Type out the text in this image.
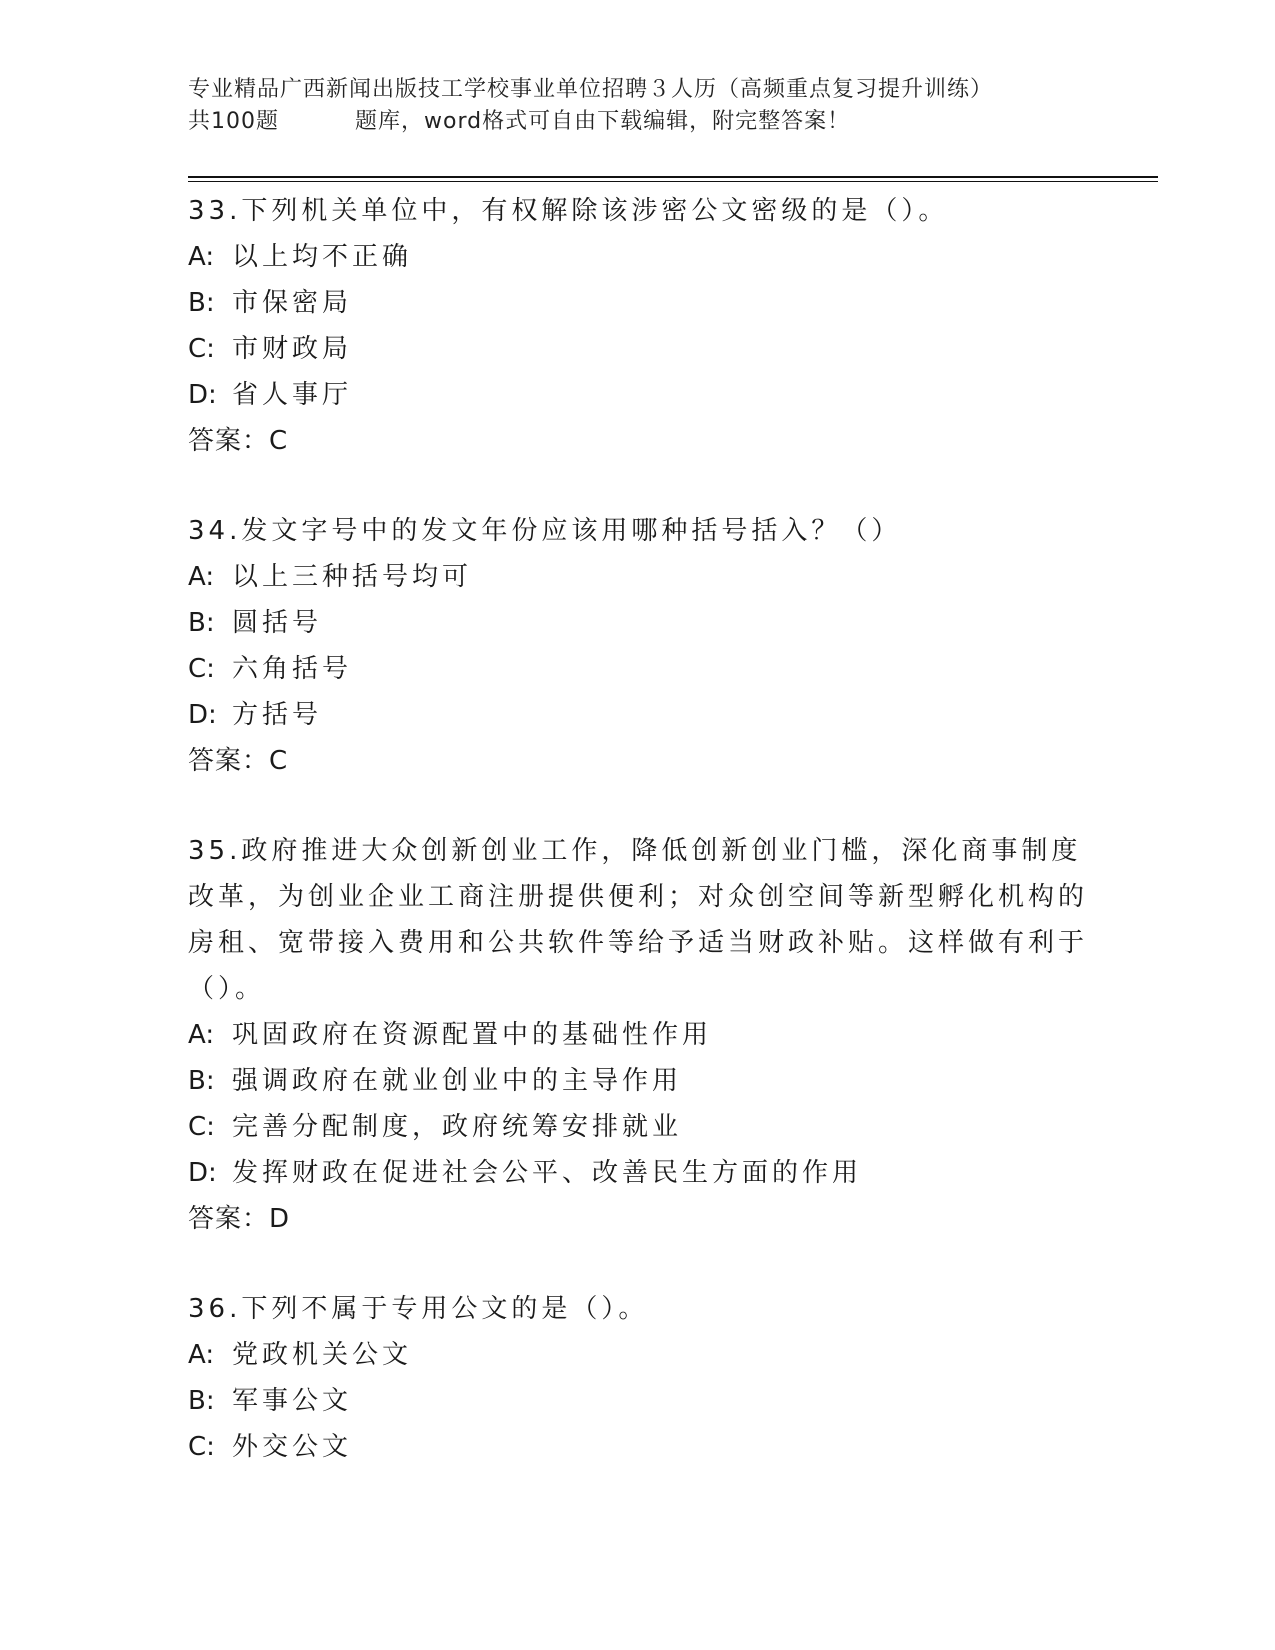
专业精品广西新闻出版技工学校事业单位招聘３人历（高频重点复习提升训练）
共100题	题库，word格式可自由下载编辑，附完整答案！
33.下列机关单位中，有权解除该涉密公文密级的是（）。
A: 以上均不正确
B: 市保密局
C: 市财政局
D: 省人事厅
答案：C
34.发文字号中的发文年份应该用哪种括号括入？（）
A: 以上三种括号均可
B: 圆括号
C: 六角括号
D: 方括号
答案：C
35.政府推进大众创新创业工作，降低创新创业门槛，深化商事制度改革，为创业企业工商注册提供便利；对众创空间等新型孵化机构的房租、宽带接入费用和公共软件等给予适当财政补贴。这样做有利于（）。
A: 巩固政府在资源配置中的基础性作用
B: 强调政府在就业创业中的主导作用
C: 完善分配制度，政府统筹安排就业
D: 发挥财政在促进社会公平、改善民生方面的作用
答案：D
36.下列不属于专用公文的是（）。
A: 党政机关公文
B: 军事公文
C: 外交公文
